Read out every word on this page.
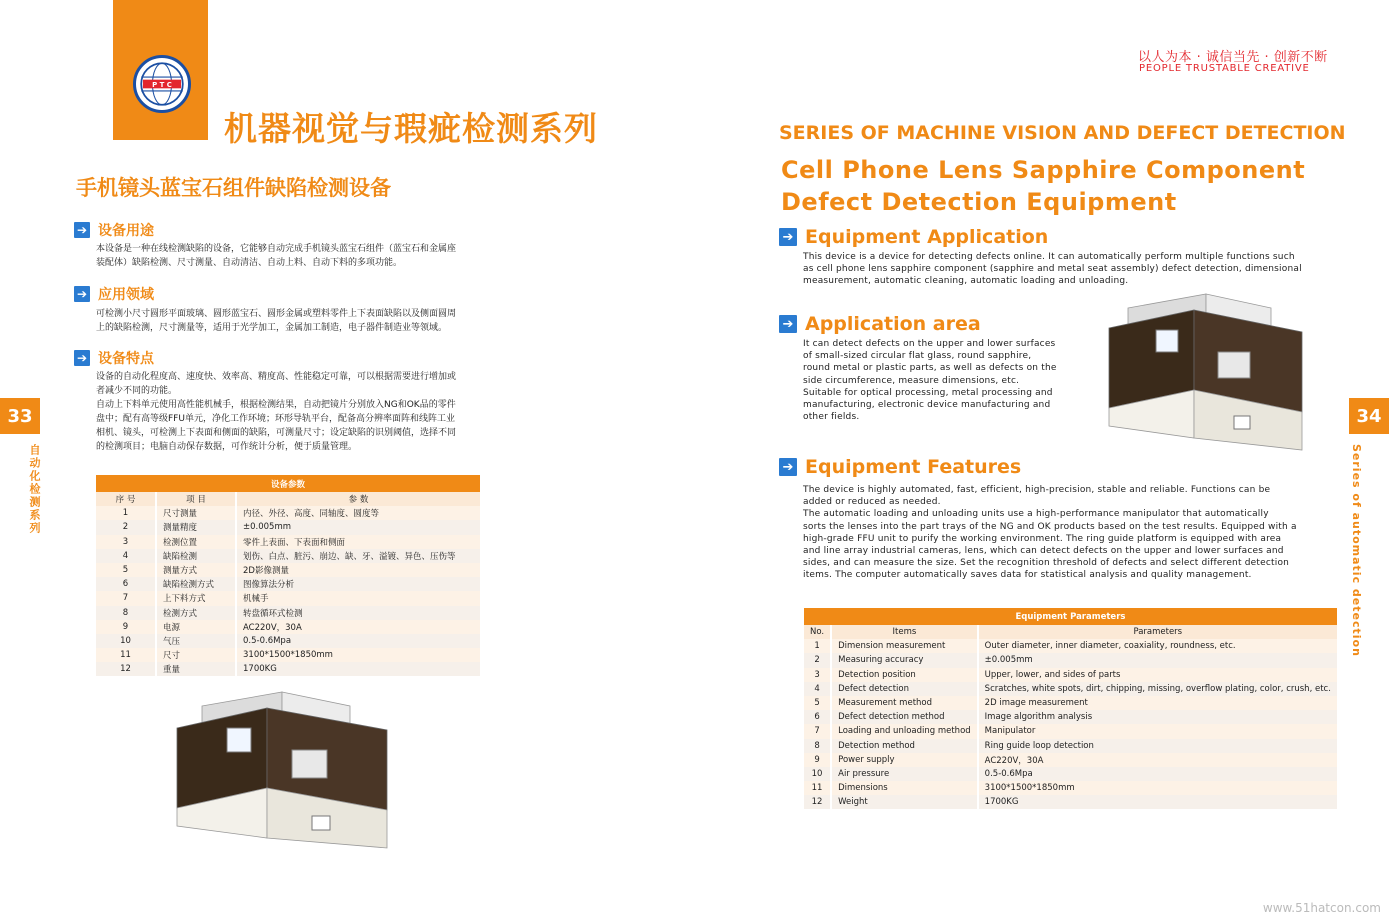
P T C
机器视觉与瑕疵检测系列
手机镜头蓝宝石组件缺陷检测设备
➔ 设备用途
本设备是一种在线检测缺陷的设备，它能够自动完成手机镜头蓝宝石组件（蓝宝石和金属座
装配体）缺陷检测、尺寸测量、自动清洁、自动上料、自动下料的多项功能。
➔ 应用领域
可检测小尺寸圆形平面玻璃、圆形蓝宝石、圆形金属或塑料零件上下表面缺陷以及侧面圆周
上的缺陷检测，尺寸测量等，适用于光学加工，金属加工制造，电子器件制造业等领域。
➔ 设备特点
设备的自动化程度高、速度快、效率高、精度高、性能稳定可靠，可以根据需要进行增加或
者减少不同的功能。
自动上下料单元使用高性能机械手，根据检测结果，自动把镜片分别放入NG和OK品的零件
盘中；配有高等级FFU单元，净化工作环境；环形导轨平台，配备高分辨率面阵和线阵工业
相机、镜头，可检测上下表面和侧面的缺陷，可测量尺寸；设定缺陷的识别阈值，选择不同
的检测项目；电脑自动保存数据，可作统计分析，便于质量管理。
设备参数		
序 号	项 目	参 数
1	尺寸测量	内径、外径、高度、同轴度、圆度等
2	测量精度	±0.005mm
3	检测位置	零件上表面、下表面和侧面
4	缺陷检测	划伤、白点、脏污、崩边、缺、牙、溢镀、异色、压伤等
5	测量方式	2D影像测量
6	缺陷检测方式	图像算法分析
7	上下料方式	机械手
8	检测方式	转盘循环式检测
9	电源	AC220V，30A
10	气压	0.5-0.6Mpa
11	尺寸	3100*1500*1850mm
12	重量	1700KG
33
自动化检测系列
以人为本 · 诚信当先 · 创新不断
PEOPLE TRUSTABLE CREATIVE
SERIES OF MACHINE VISION AND DEFECT DETECTION
Cell Phone Lens Sapphire Component
Defect Detection Equipment
➔ Equipment Application
This device is a device for detecting defects online. It can automatically perform multiple functions such
as cell phone lens sapphire component (sapphire and metal seat assembly) defect detection, dimensional
measurement, automatic cleaning, automatic loading and unloading.
➔ Application area
It can detect defects on the upper and lower surfaces
of small-sized circular flat glass, round sapphire,
round metal or plastic parts, as well as defects on the
side circumference, measure dimensions, etc.
Suitable for optical processing, metal processing and
manufacturing, electronic device manufacturing and
other fields.
➔ Equipment Features
The device is highly automated, fast, efficient, high-precision, stable and reliable. Functions can be
added or reduced as needed.
The automatic loading and unloading units use a high-performance manipulator that automatically
sorts the lenses into the part trays of the NG and OK products based on the test results. Equipped with a
high-grade FFU unit to purify the working environment. The ring guide platform is equipped with area
and line array industrial cameras, lens, which can detect defects on the upper and lower surfaces and
sides, and can measure the size. Set the recognition threshold of defects and select different detection
items. The computer automatically saves data for statistical analysis and quality management.
Equipment Parameters		
No.	Items	Parameters
1	Dimension measurement	Outer diameter, inner diameter, coaxiality, roundness, etc.
2	Measuring accuracy	±0.005mm
3	Detection position	Upper, lower, and sides of parts
4	Defect detection	Scratches, white spots, dirt, chipping, missing, overflow plating, color, crush, etc.
5	Measurement method	2D image measurement
6	Defect detection method	Image algorithm analysis
7	Loading and unloading method	Manipulator
8	Detection method	Ring guide loop detection
9	Power supply	AC220V，30A
10	Air pressure	0.5-0.6Mpa
11	Dimensions	3100*1500*1850mm
12	Weight	1700KG
34
Series of automatic detection
www.51hatcon.com
